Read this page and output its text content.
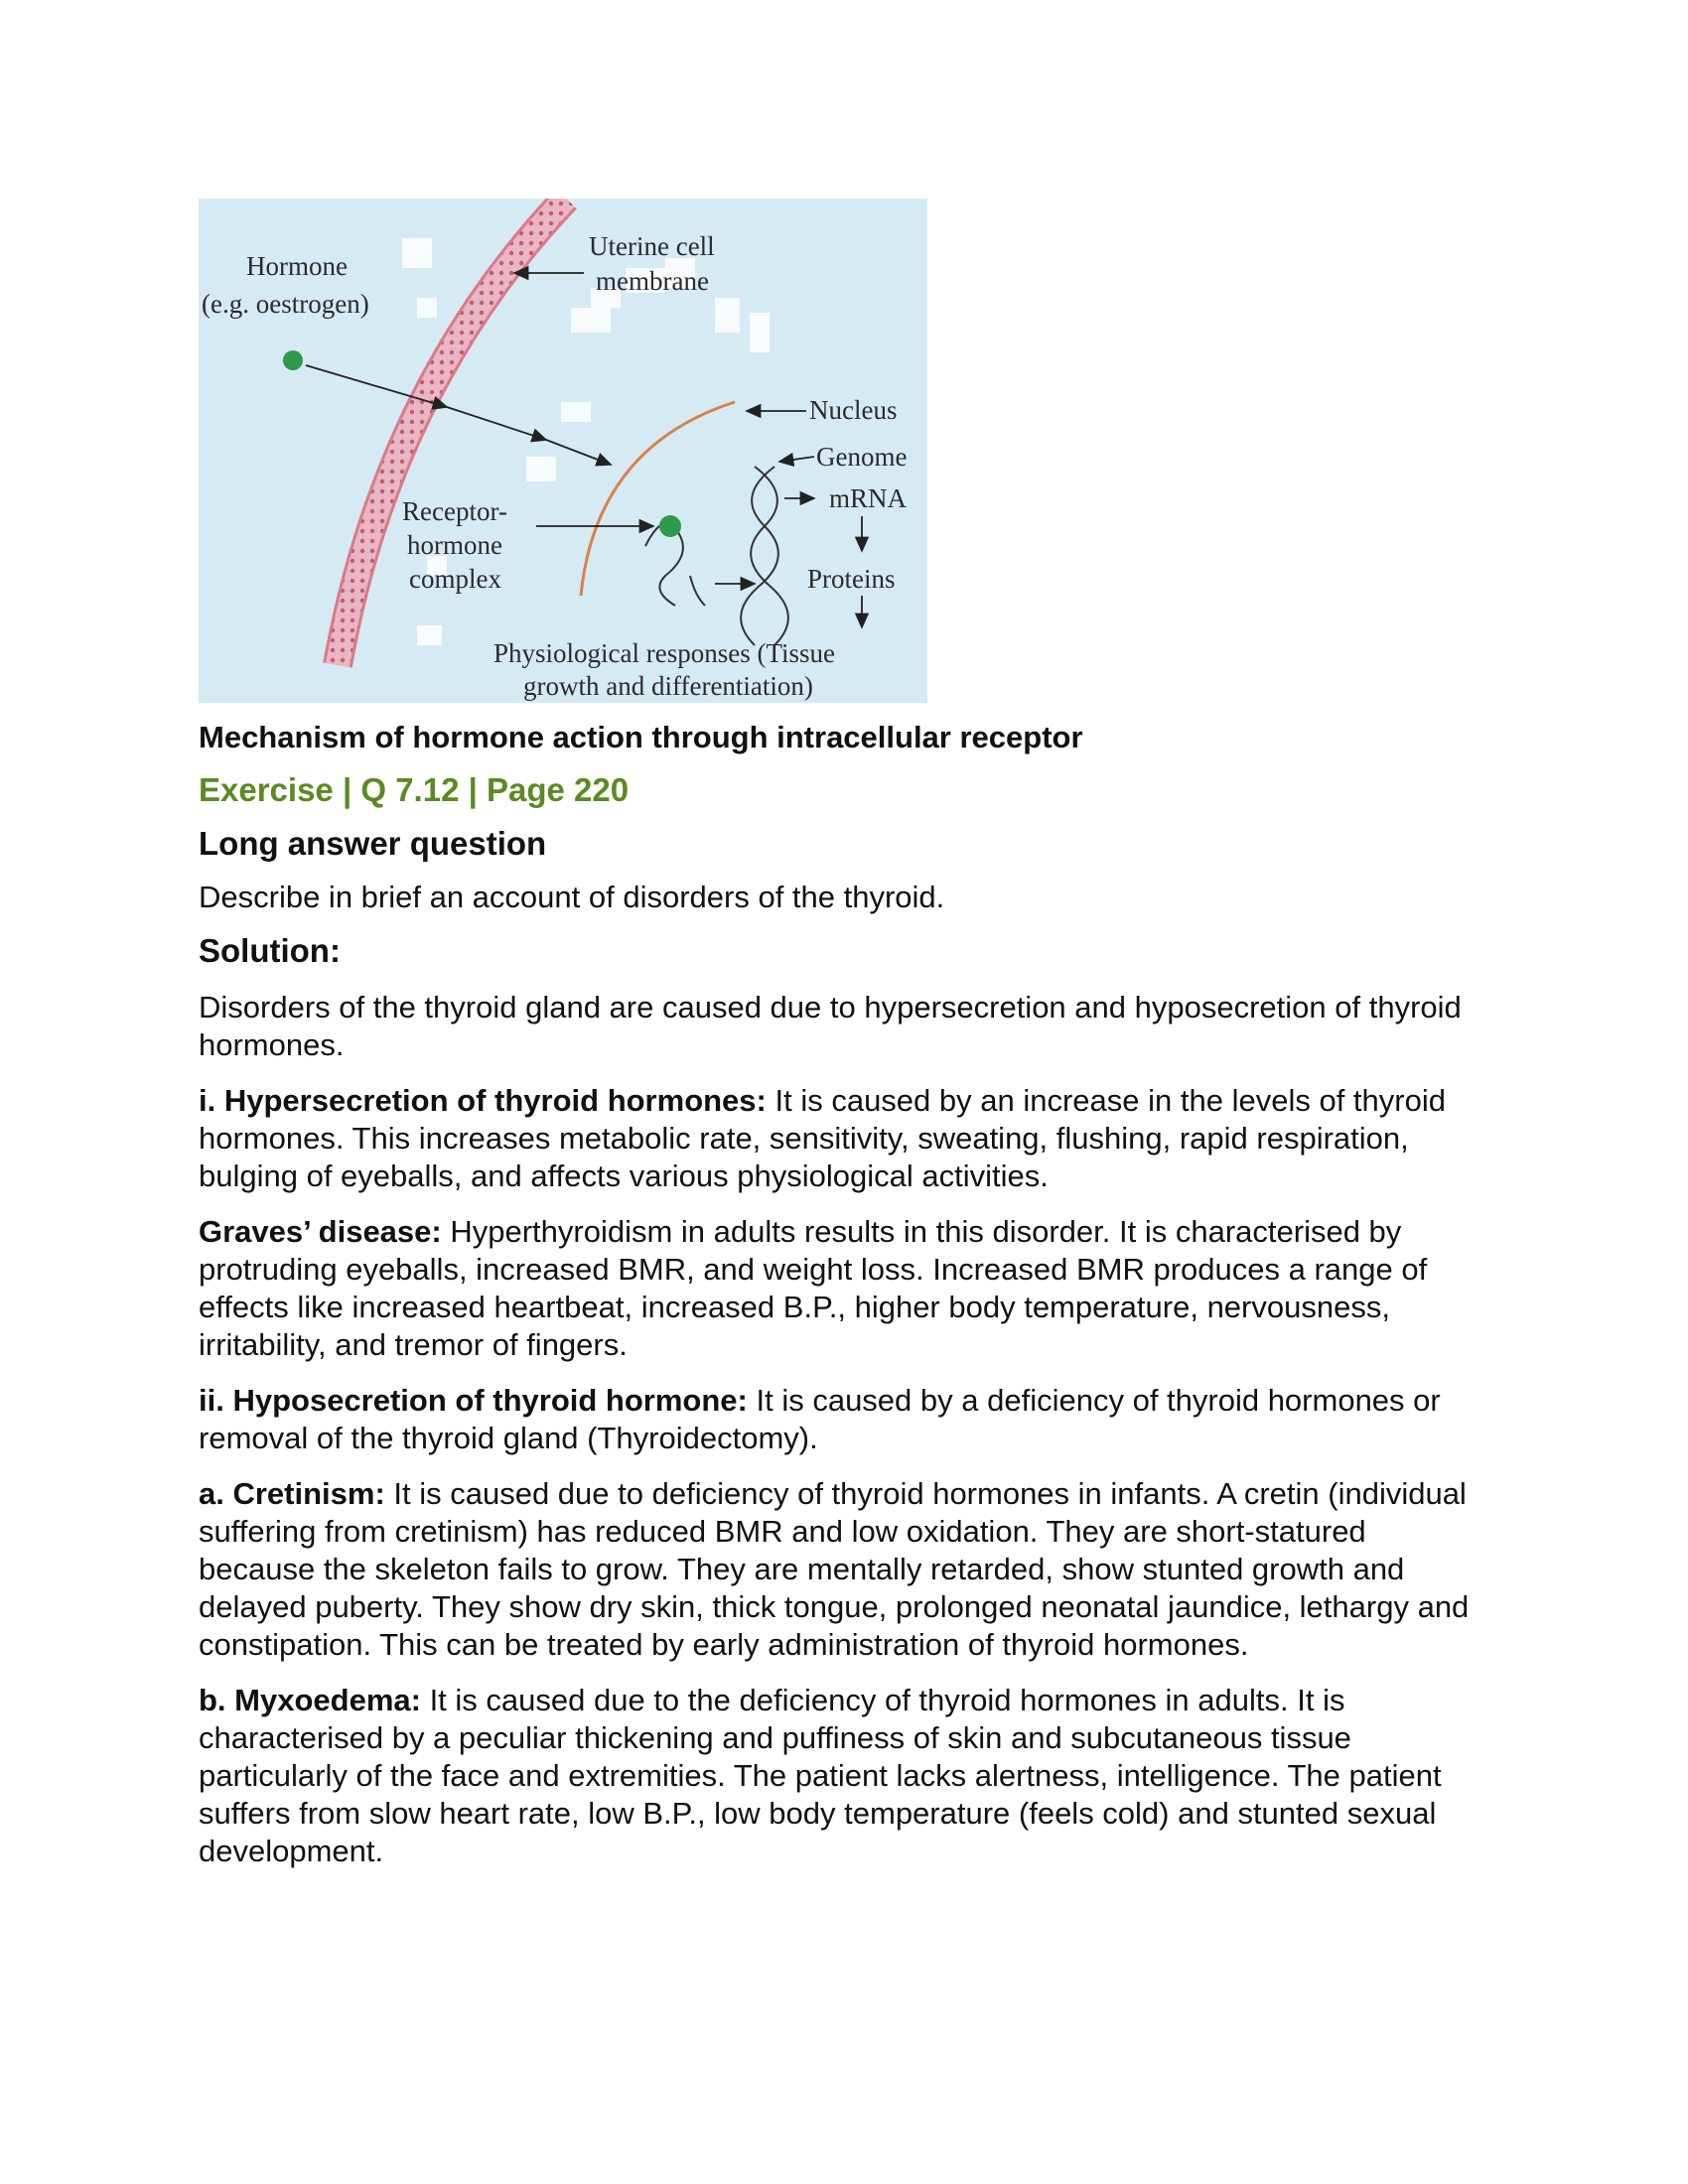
Hormone
(e.g. oestrogen)
Uterine cell
membrane
Nucleus
Genome
mRNA
Receptor-
hormone
complex	Proteins
Physiological responses (Tissue
growth and differentiation)
Mechanism of hormone action through intracellular receptor
Exercise | Q 7.12 | Page 220
Long answer question
Describe in brief an account of disorders of the thyroid.
Solution:

Disorders of the thyroid gland are caused due to hypersecretion and hyposecretion of thyroid hormones.

i. Hypersecretion of thyroid hormones: It is caused by an increase in the levels of thyroid hormones. This increases metabolic rate, sensitivity, sweating, flushing, rapid respiration, bulging of eyeballs, and affects various physiological activities.

Graves’ disease: Hyperthyroidism in adults results in this disorder. It is characterised by protruding eyeballs, increased BMR, and weight loss. Increased BMR produces a range of effects like increased heartbeat, increased B.P., higher body temperature, nervousness, irritability, and tremor of fingers.

ii. Hyposecretion of thyroid hormone: It is caused by a deficiency of thyroid hormones or removal of the thyroid gland (Thyroidectomy).

a. Cretinism: It is caused due to deficiency of thyroid hormones in infants. A cretin (individual suffering from cretinism) has reduced BMR and low oxidation. They are short-statured because the skeleton fails to grow. They are mentally retarded, show stunted growth and delayed puberty. They show dry skin, thick tongue, prolonged neonatal jaundice, lethargy and constipation. This can be treated by early administration of thyroid hormones.

b. Myxoedema: It is caused due to the deficiency of thyroid hormones in adults. It is characterised by a peculiar thickening and puffiness of skin and subcutaneous tissue particularly of the face and extremities. The patient lacks alertness, intelligence. The patient suffers from slow heart rate, low B.P., low body temperature (feels cold) and stunted sexual development.
